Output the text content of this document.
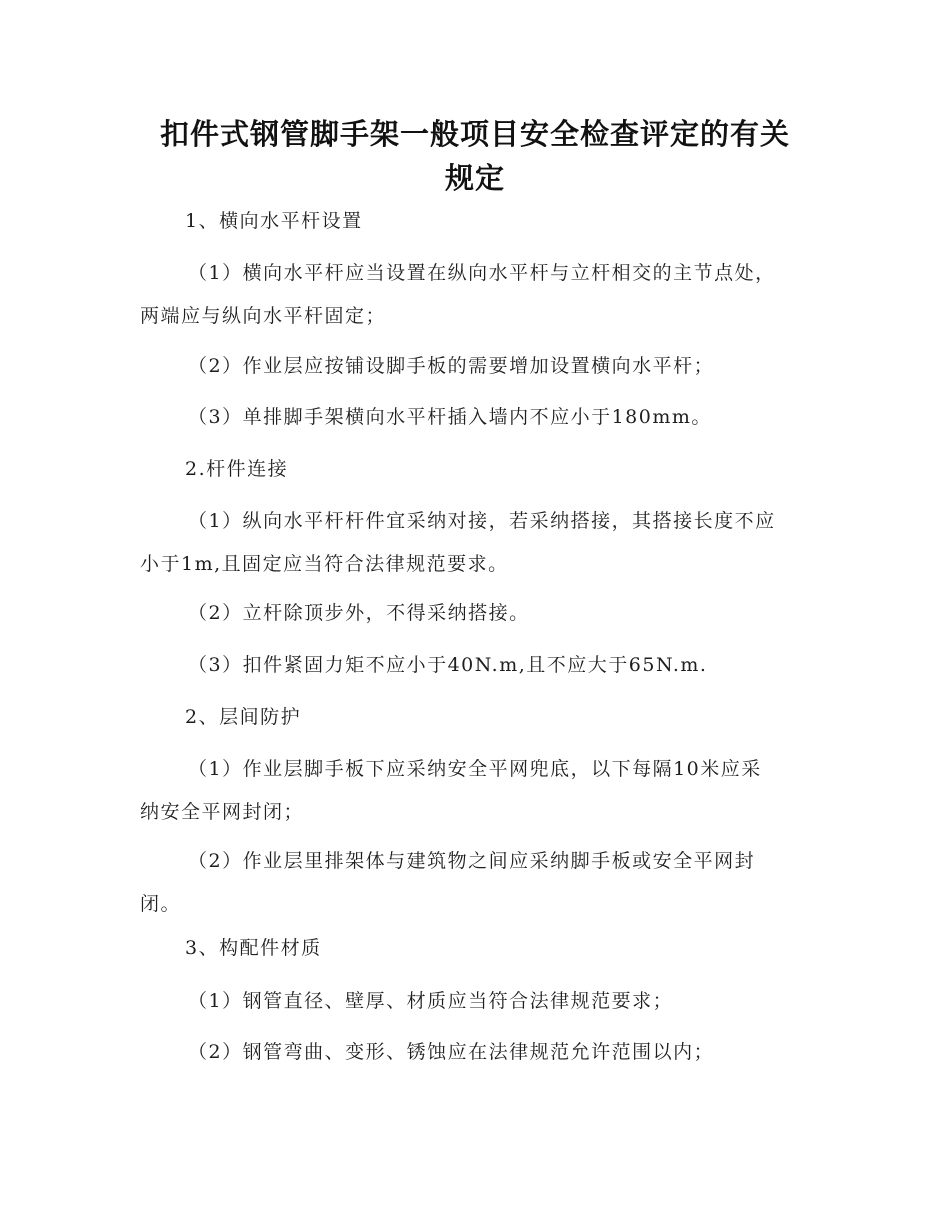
扣件式钢管脚手架一般项目安全检查评定的有关
规定
1、横向水平杆设置
（1）横向水平杆应当设置在纵向水平杆与立杆相交的主节点处，
两端应与纵向水平杆固定；
（2）作业层应按铺设脚手板的需要增加设置横向水平杆；
（3）单排脚手架横向水平杆插入墙内不应小于180mm。
2.杆件连接
（1）纵向水平杆杆件宜采纳对接，若采纳搭接，其搭接长度不应
小于1m,且固定应当符合法律规范要求。
（2）立杆除顶步外，不得采纳搭接。
（3）扣件紧固力矩不应小于40N.m,且不应大于65N.m.
2、层间防护
（1）作业层脚手板下应采纳安全平网兜底，以下每隔10米应采
纳安全平网封闭；
（2）作业层里排架体与建筑物之间应采纳脚手板或安全平网封
闭。
3、构配件材质
（1）钢管直径、壁厚、材质应当符合法律规范要求；
（2）钢管弯曲、变形、锈蚀应在法律规范允许范围以内；
